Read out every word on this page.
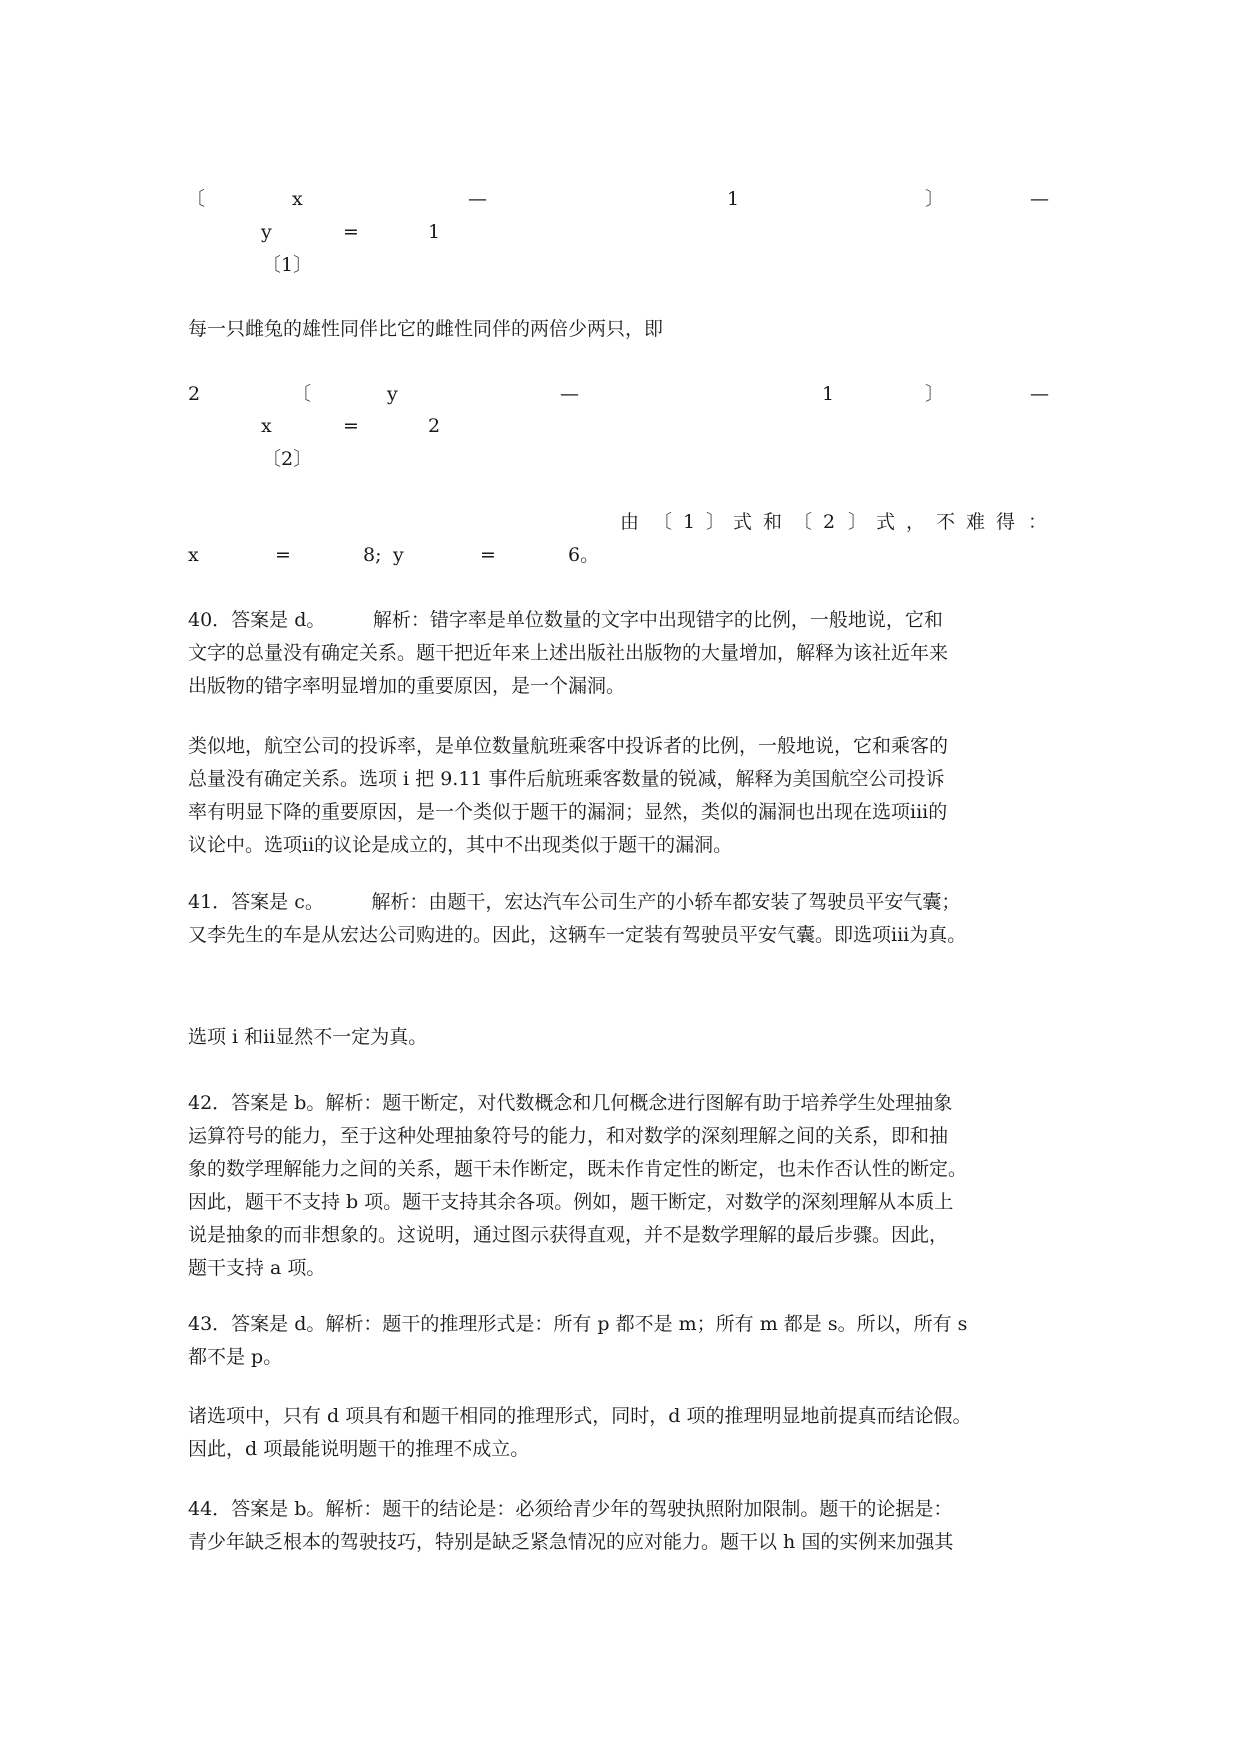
〔	x	—	1	〕	—
y	=	1
〔1〕
每一只雌兔的雄性同伴比它的雌性同伴的两倍少两只，即
2	〔	y	—	1	〕	—
x	=	2
〔2〕
由 〔 1 〕 式 和 〔 2 〕 式 ， 不 难 得 ：
x	=	8; y	=	6。

40．答案是 d。　　　解析：错字率是单位数量的文字中出现错字的比例，一般地说，它和
文字的总量没有确定关系。题干把近年来上述出版社出版物的大量增加，解释为该社近年来
出版物的错字率明显增加的重要原因，是一个漏洞。

类似地，航空公司的投诉率，是单位数量航班乘客中投诉者的比例，一般地说，它和乘客的
总量没有确定关系。选项 i 把 9.11 事件后航班乘客数量的锐减，解释为美国航空公司投诉
率有明显下降的重要原因，是一个类似于题干的漏洞；显然，类似的漏洞也出现在选项iii的
议论中。选项ii的议论是成立的，其中不出现类似于题干的漏洞。

41．答案是 c。　　　解析：由题干，宏达汽车公司生产的小轿车都安装了驾驶员平安气囊；
又李先生的车是从宏达公司购进的。因此，这辆车一定装有驾驶员平安气囊。即选项iii为真。

选项 i 和ii显然不一定为真。

42．答案是 b。解析：题干断定，对代数概念和几何概念进行图解有助于培养学生处理抽象
运算符号的能力，至于这种处理抽象符号的能力，和对数学的深刻理解之间的关系，即和抽
象的数学理解能力之间的关系，题干未作断定，既未作肯定性的断定，也未作否认性的断定。
因此，题干不支持 b 项。题干支持其余各项。例如，题干断定，对数学的深刻理解从本质上
说是抽象的而非想象的。这说明，通过图示获得直观，并不是数学理解的最后步骤。因此，
题干支持 a 项。

43．答案是 d。解析：题干的推理形式是：所有 p 都不是 m；所有 m 都是 s。所以，所有 s
都不是 p。

诸选项中，只有 d 项具有和题干相同的推理形式，同时，d 项的推理明显地前提真而结论假。
因此，d 项最能说明题干的推理不成立。

44．答案是 b。解析：题干的结论是：必须给青少年的驾驶执照附加限制。题干的论据是：
青少年缺乏根本的驾驶技巧，特别是缺乏紧急情况的应对能力。题干以 h 国的实例来加强其
